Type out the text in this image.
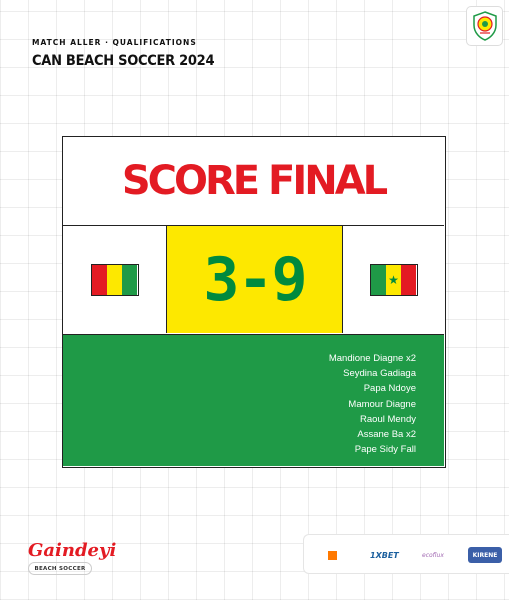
MATCH ALLER · QUALIFICATIONS
CAN BEACH SOCCER 2024
SCORE FINAL
3-9	★
Mandione Diagne x2
Seydina Gadiaga
Papa Ndoye
Mamour Diagne
Raoul Mendy
Assane Ba x2
Pape Sidy Fall
Gaindeyi
BEACH SOCCER
1XBET	ecoflux	KIRENE
